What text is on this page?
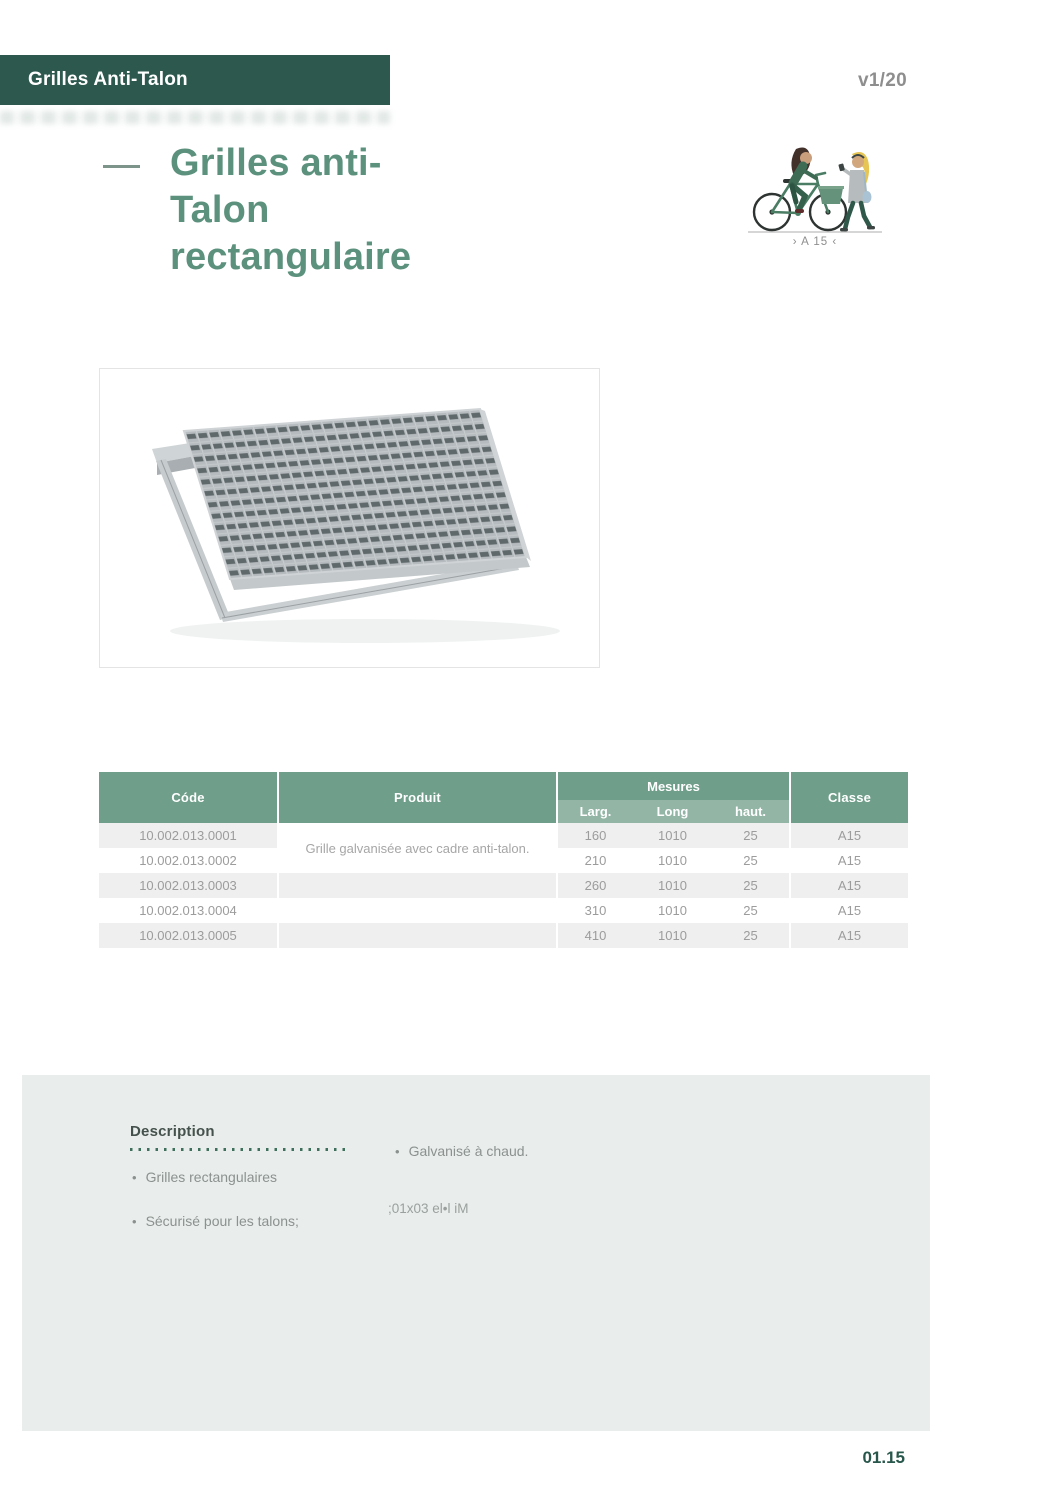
Grilles Anti-Talon	v1/20
Grilles anti-
Talon
rectangulaire	› A 15 ‹
Códe	Produit
Mesures
Larg.	Long	haut.
Classe
10.002.013.0001	160	1010	25	A15
10.002.013.0002	210	1010	25	A15
10.002.013.0003	260	1010	25	A15
10.002.013.0004	310	1010	25	A15
10.002.013.0005	410	1010	25	A15
Grille galvanisée avec cadre anti-talon.
Description
• Grilles rectangulaires
• Sécurisé pour les talons;
• Galvanisé à chaud.
;01x03 el•l iM
01.15
